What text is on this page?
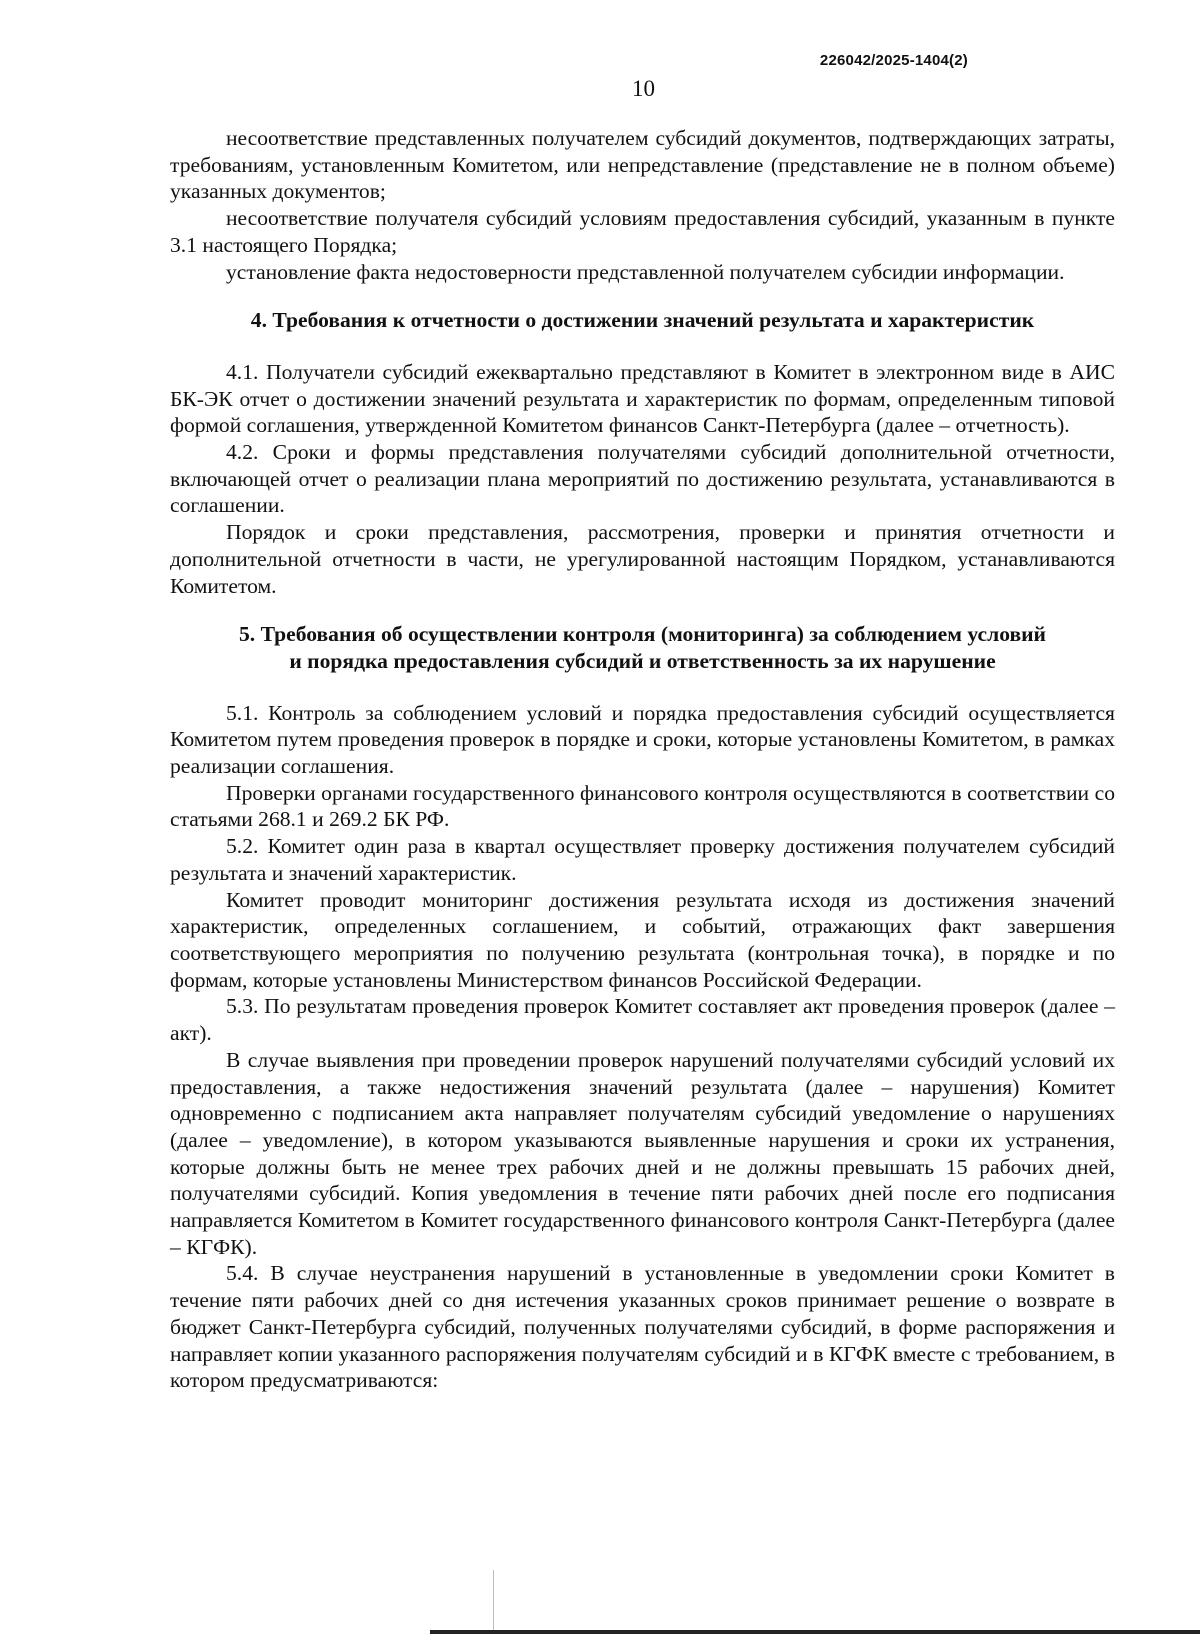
226042/2025-1404(2)
10

несоответствие представленных получателем субсидий документов, подтверждающих затраты, требованиям, установленным Комитетом, или непредставление (представление не в полном объеме) указанных документов;

несоответствие получателя субсидий условиям предоставления субсидий, указанным в пункте 3.1 настоящего Порядка;

установление факта недостоверности представленной получателем субсидии информации.

4. Требования к отчетности о достижении значений результата и характеристик

4.1. Получатели субсидий ежеквартально представляют в Комитет в электронном виде в АИС БК-ЭК отчет о достижении значений результата и характеристик по формам, определенным типовой формой соглашения, утвержденной Комитетом финансов Санкт-Петербурга (далее – отчетность).

4.2. Сроки и формы представления получателями субсидий дополнительной отчетности, включающей отчет о реализации плана мероприятий по достижению результата, устанавливаются в соглашении.

Порядок и сроки представления, рассмотрения, проверки и принятия отчетности и дополнительной отчетности в части, не урегулированной настоящим Порядком, устанавливаются Комитетом.

5. Требования об осуществлении контроля (мониторинга) за соблюдением условий
и порядка предоставления субсидий и ответственность за их нарушение

5.1. Контроль за соблюдением условий и порядка предоставления субсидий осуществляется Комитетом путем проведения проверок в порядке и сроки, которые установлены Комитетом, в рамках реализации соглашения.

Проверки органами государственного финансового контроля осуществляются в соответствии со статьями 268.1 и 269.2 БК РФ.

5.2. Комитет один раза в квартал осуществляет проверку достижения получателем субсидий результата и значений характеристик.

Комитет проводит мониторинг достижения результата исходя из достижения значений характеристик, определенных соглашением, и событий, отражающих факт завершения соответствующего мероприятия по получению результата (контрольная точка), в порядке и по формам, которые установлены Министерством финансов Российской Федерации.

5.3. По результатам проведения проверок Комитет составляет акт проведения проверок (далее – акт).

В случае выявления при проведении проверок нарушений получателями субсидий условий их предоставления, а также недостижения значений результата (далее – нарушения) Комитет одновременно с подписанием акта направляет получателям субсидий уведомление о нарушениях (далее – уведомление), в котором указываются выявленные нарушения и сроки их устранения, которые должны быть не менее трех рабочих дней и не должны превышать 15 рабочих дней, получателями субсидий. Копия уведомления в течение пяти рабочих дней после его подписания направляется Комитетом в Комитет государственного финансового контроля Санкт-Петербурга (далее – КГФК).

5.4. В случае неустранения нарушений в установленные в уведомлении сроки Комитет в течение пяти рабочих дней со дня истечения указанных сроков принимает решение о возврате в бюджет Санкт-Петербурга субсидий, полученных получателями субсидий, в форме распоряжения и направляет копии указанного распоряжения получателям субсидий и в КГФК вместе с требованием, в котором предусматриваются:
